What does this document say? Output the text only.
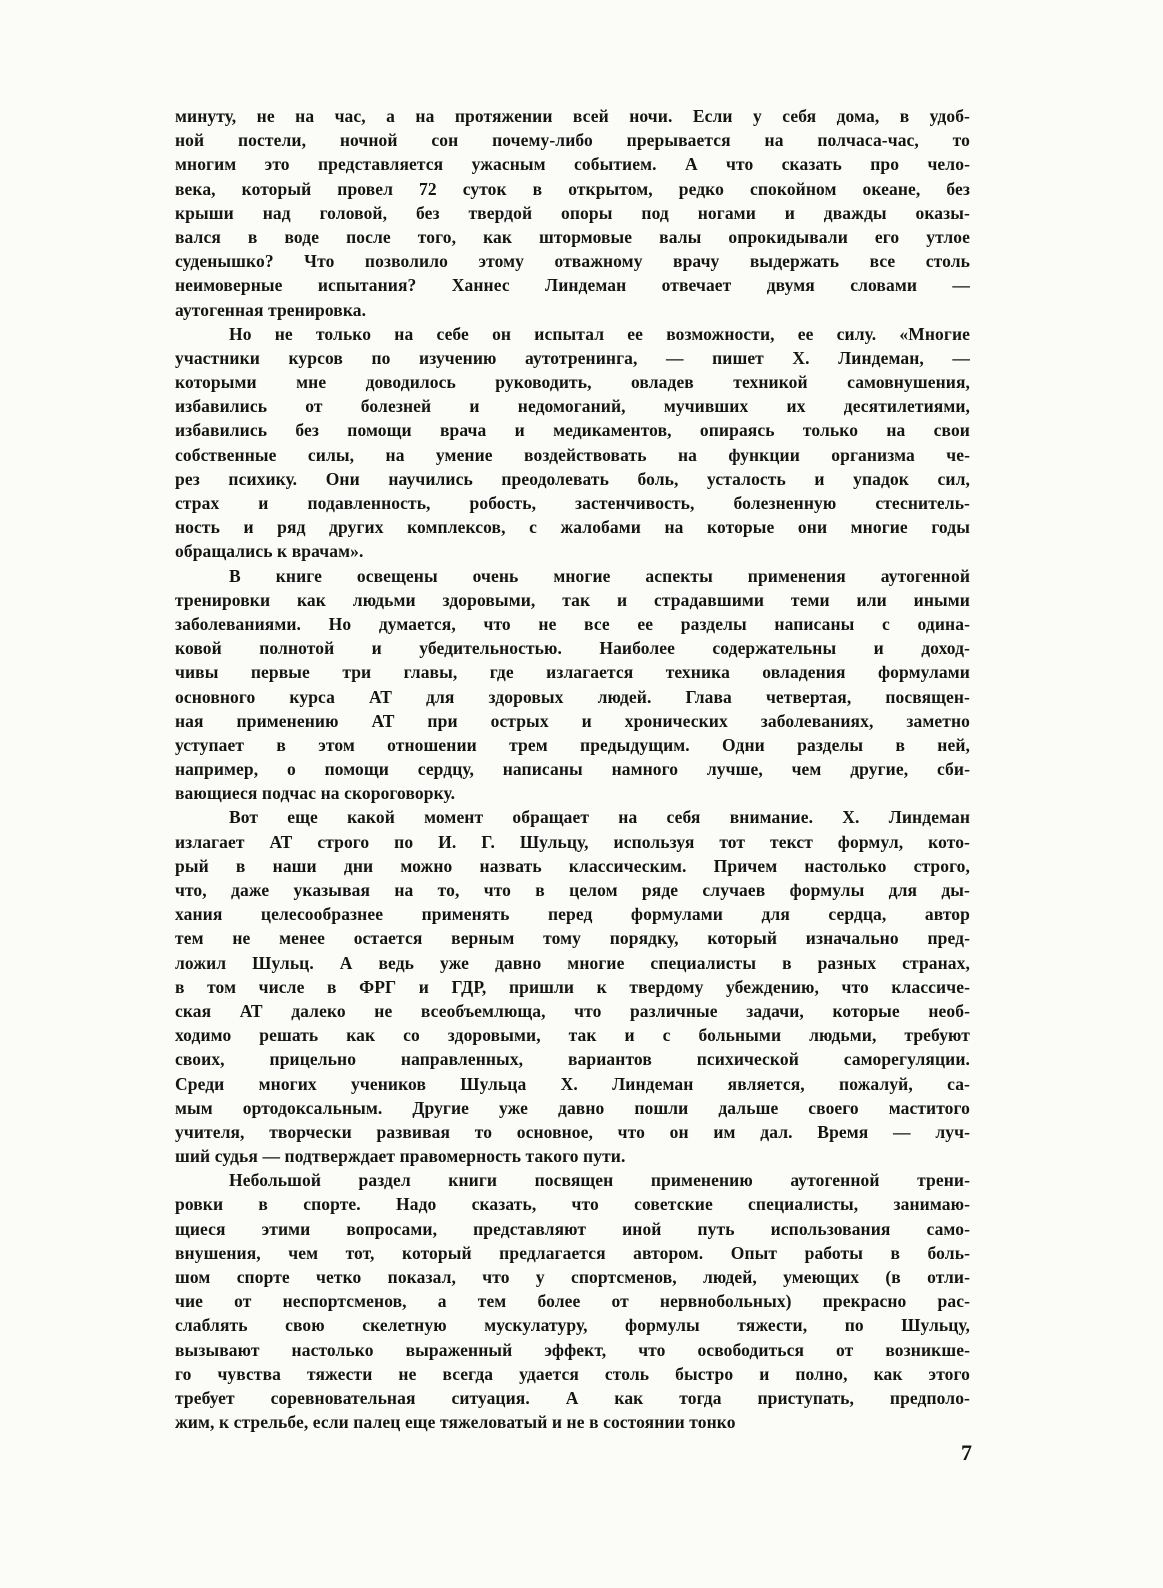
минуту, не на час, а на протяжении всей ночи. Если у себя дома, в удоб-
ной постели, ночной сон почему-либо прерывается на полчаса-час, то
многим это представляется ужасным событием. А что сказать про чело-
века, который провел 72 суток в открытом, редко спокойном океане, без
крыши над головой, без твердой опоры под ногами и дважды оказы-
вался в воде после того, как штормовые валы опрокидывали его утлое
суденышко? Что позволило этому отважному врачу выдержать все столь
неимоверные испытания? Ханнес Линдеман отвечает двумя словами —
аутогенная тренировка.
Но не только на себе он испытал ее возможности, ее силу. «Многие
участники курсов по изучению аутотренинга, — пишет Х. Линдеман, —
которыми мне доводилось руководить, овладев техникой самовнушения,
избавились от болезней и недомоганий, мучивших их десятилетиями,
избавились без помощи врача и медикаментов, опираясь только на свои
собственные силы, на умение воздействовать на функции организма че-
рез психику. Они научились преодолевать боль, усталость и упадок сил,
страх и подавленность, робость, застенчивость, болезненную стеснитель-
ность и ряд других комплексов, с жалобами на которые они многие годы
обращались к врачам».
В книге освещены очень многие аспекты применения аутогенной
тренировки как людьми здоровыми, так и страдавшими теми или иными
заболеваниями. Но думается, что не все ее разделы написаны с одина-
ковой полнотой и убедительностью. Наиболее содержательны и доход-
чивы первые три главы, где излагается техника овладения формулами
основного курса АТ для здоровых людей. Глава четвертая, посвящен-
ная применению АТ при острых и хронических заболеваниях, заметно
уступает в этом отношении трем предыдущим. Одни разделы в ней,
например, о помощи сердцу, написаны намного лучше, чем другие, сби-
вающиеся подчас на скороговорку.
Вот еще какой момент обращает на себя внимание. Х. Линдеман
излагает АТ строго по И. Г. Шульцу, используя тот текст формул, кото-
рый в наши дни можно назвать классическим. Причем настолько строго,
что, даже указывая на то, что в целом ряде случаев формулы для ды-
хания целесообразнее применять перед формулами для сердца, автор
тем не менее остается верным тому порядку, который изначально пред-
ложил Шульц. А ведь уже давно многие специалисты в разных странах,
в том числе в ФРГ и ГДР, пришли к твердому убеждению, что классиче-
ская АТ далеко не всеобъемлюща, что различные задачи, которые необ-
ходимо решать как со здоровыми, так и с больными людьми, требуют
своих, прицельно направленных, вариантов психической саморегуляции.
Среди многих учеников Шульца Х. Линдеман является, пожалуй, са-
мым ортодоксальным. Другие уже давно пошли дальше своего маститого
учителя, творчески развивая то основное, что он им дал. Время — луч-
ший судья — подтверждает правомерность такого пути.
Небольшой раздел книги посвящен применению аутогенной трени-
ровки в спорте. Надо сказать, что советские специалисты, занимаю-
щиеся этими вопросами, представляют иной путь использования само-
внушения, чем тот, который предлагается автором. Опыт работы в боль-
шом спорте четко показал, что у спортсменов, людей, умеющих (в отли-
чие от неспортсменов, а тем более от нервнобольных) прекрасно рас-
слаблять свою скелетную мускулатуру, формулы тяжести, по Шульцу,
вызывают настолько выраженный эффект, что освободиться от возникше-
го чувства тяжести не всегда удается столь быстро и полно, как этого
требует соревновательная ситуация. А как тогда приступать, предполо-
жим, к стрельбе, если палец еще тяжеловатый и не в состоянии тонко
7
